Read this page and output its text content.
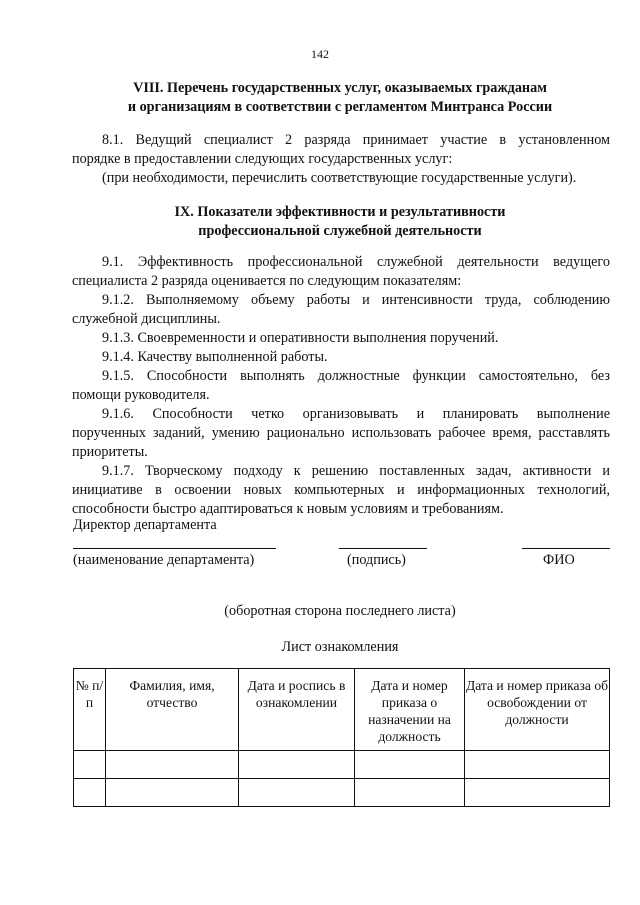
142
VIII. Перечень государственных услуг, оказываемых гражданам
и организациям в соответствии с регламентом Минтранса России
8.1. Ведущий специалист 2 разряда принимает участие в установленном
порядке в предоставлении следующих государственных услуг:
(при необходимости, перечислить соответствующие государственные услуги).
IX. Показатели эффективности и результативности
профессиональной служебной деятельности
9.1. Эффективность профессиональной служебной деятельности ведущего
специалиста 2 разряда оценивается по следующим показателям:
9.1.2. Выполняемому объему работы и интенсивности труда, соблюдению
служебной дисциплины.
9.1.3. Своевременности и оперативности выполнения поручений.
9.1.4. Качеству выполненной работы.
9.1.5. Способности выполнять должностные функции самостоятельно, без
помощи руководителя.
9.1.6. Способности четко организовывать и планировать выполнение
порученных заданий, умению рационально использовать рабочее время, расставлять
приоритеты.
9.1.7. Творческому подходу к решению поставленных задач, активности и
инициативе в освоении новых компьютерных и информационных технологий,
способности быстро адаптироваться к новым условиям и требованиям.
Директор департамента
(наименование департамента)	(подпись)	ФИО
(оборотная сторона последнего листа)
Лист ознакомления
№ п/п	Фамилия, имя, отчество	Дата и роспись в ознакомлении	Дата и номер приказа о назначении на должность	Дата и номер приказа об освобождении от должности
